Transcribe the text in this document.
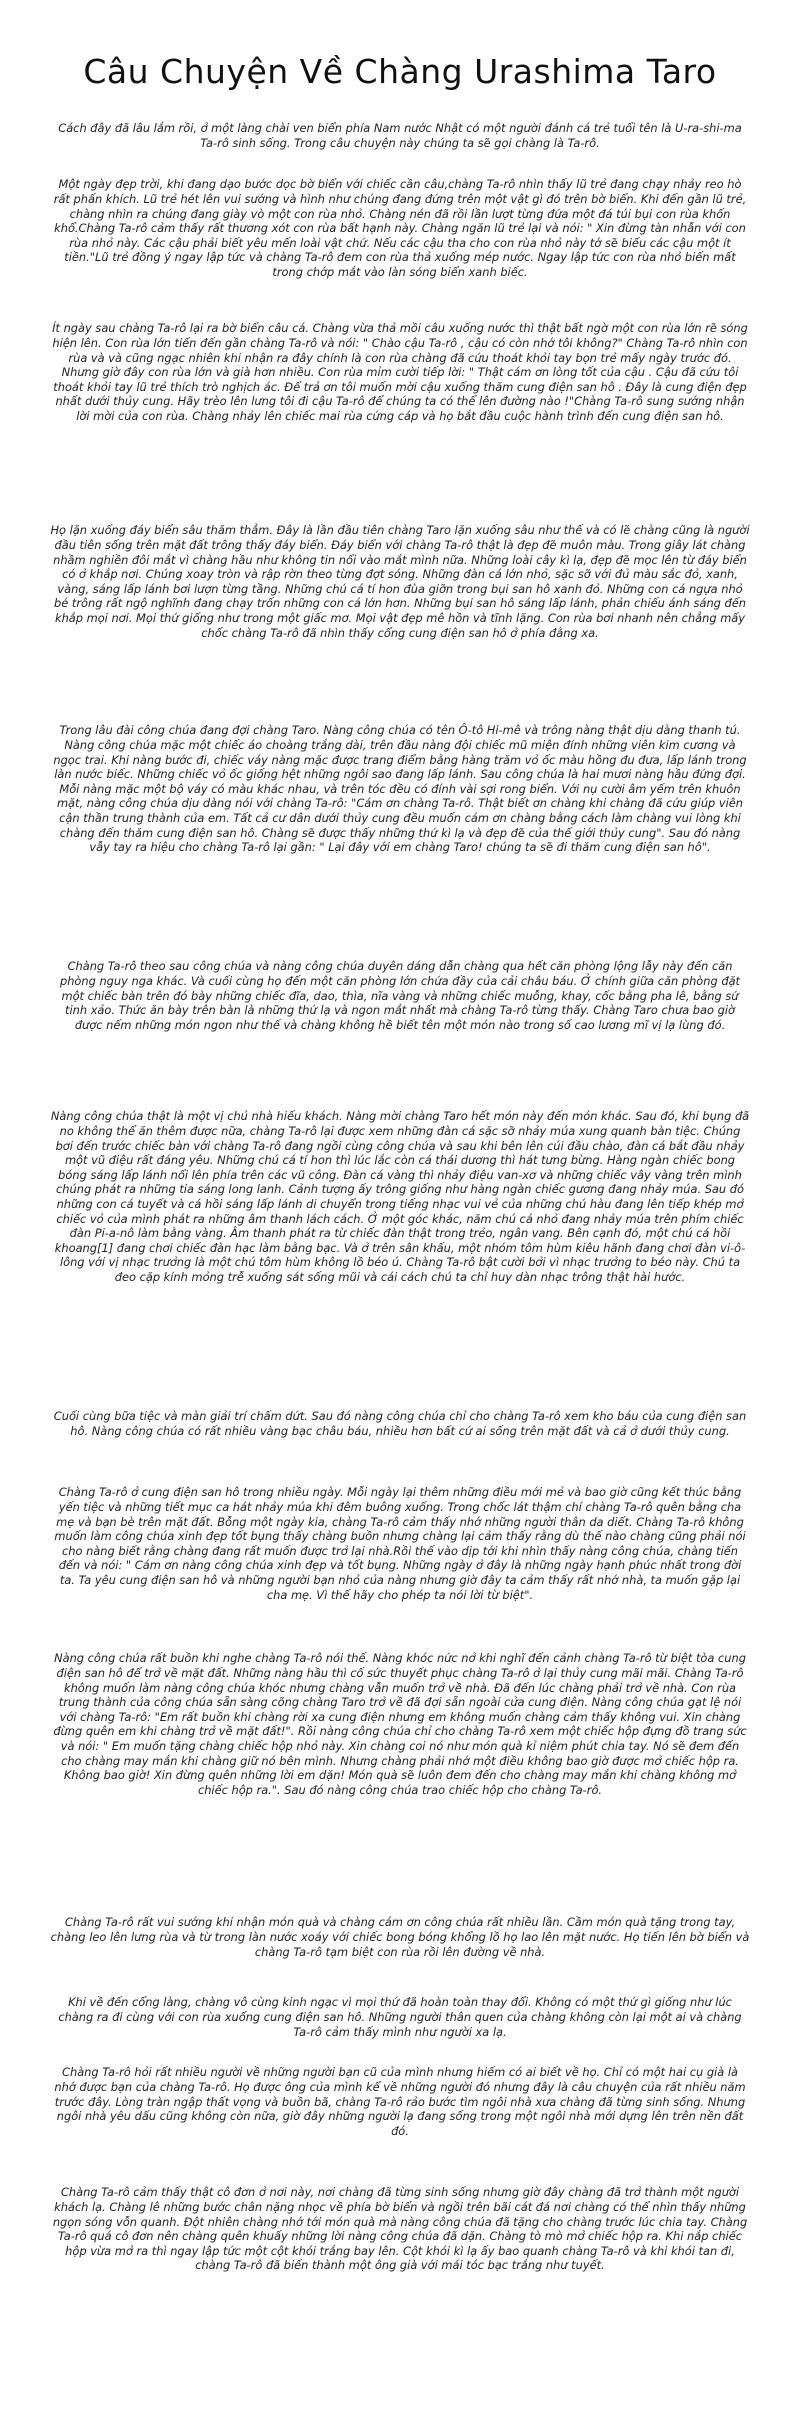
Câu Chuyện Về Chàng Urashima Taro

Cách đây đã lâu lắm rồi, ở một làng chài ven biển phía Nam nước Nhật có một người đánh cá trẻ tuổi tên là U-ra-shi-ma Ta-rô sinh sống. Trong câu chuyện này chúng ta sẽ gọi chàng là Ta-rô.

Một ngày đẹp trời, khi đang dạo bước dọc bờ biển với chiếc cần câu,chàng Ta-rô nhìn thấy lũ trẻ đang chạy nhảy reo hò rất phấn khích. Lũ trẻ hét lên vui sướng và hình như chúng đang đứng trên một vật gì đó trên bờ biển. Khi đến gần lũ trẻ, chàng nhìn ra chúng đang giày vò một con rùa nhỏ. Chàng nén đã rồi lần lượt từng đứa một đá túi bụi con rùa khốn khổ.Chàng Ta-rô cảm thấy rất thương xót con rùa bất hạnh này. Chàng ngăn lũ trẻ lại và nói: " Xin đừng tàn nhẫn với con rùa nhỏ này. Các cậu phải biết yêu mến loài vật chứ. Nếu các cậu tha cho con rùa nhỏ này tớ sẽ biếu các cậu một ít tiền."Lũ trẻ đồng ý ngay lập tức và chàng Ta-rô đem con rùa thả xuống mép nước. Ngay lập tức con rùa nhỏ biến mất trong chớp mắt vào làn sóng biển xanh biếc.

Ít ngày sau chàng Ta-rô lại ra bờ biển câu cá. Chàng vừa thả mồi câu xuống nước thì thật bất ngờ một con rùa lớn rẽ sóng hiện lên. Con rùa lớn tiến đến gần chàng Ta-rô và nói: " Chào cậu Ta-rô , cậu có còn nhớ tôi không?" Chàng Ta-rô nhìn con rùa và và cũng ngạc nhiên khi nhận ra đây chính là con rùa chàng đã cứu thoát khỏi tay bọn trẻ mấy ngày trước đó. Nhưng giờ đây con rùa lớn và già hơn nhiều. Con rùa mỉm cười tiếp lời: " Thật cám ơn lòng tốt của cậu . Cậu đã cứu tôi thoát khỏi tay lũ trẻ thích trò nghịch ác. Để trả ơn tôi muốn mời cậu xuống thăm cung điện san hô . Đây là cung điện đẹp nhất dưới thủy cung. Hãy trèo lên lưng tôi đi cậu Ta-rô để chúng ta có thể lên đường nào !"Chàng Ta-rô sung sướng nhận lời mời của con rùa. Chàng nhảy lên chiếc mai rùa cứng cáp và họ bắt đầu cuộc hành trình đến cung điện san hô.

Họ lặn xuống đáy biển sâu thăm thẳm. Đây là lần đầu tiên chàng Taro lặn xuống sâu như thế và có lẽ chàng cũng là người đầu tiên sống trên mặt đất trông thấy đáy biển. Đáy biển với chàng Ta-rô thật là đẹp đẽ muôn màu. Trong giây lát chàng nhầm nghiền đôi mắt vì chàng hầu như không tin nổi vào mắt mình nữa. Những loài cây kì lạ, đẹp đẽ mọc lên từ đáy biển có ở khắp nơi. Chúng xoay tròn và rập rờn theo từng đợt sóng. Những đàn cá lớn nhỏ, sặc sỡ với đủ màu sắc đỏ, xanh, vàng, sáng lấp lánh bơi lượn từng tầng. Những chú cá tí hon đùa giỡn trong bụi san hô xanh đỏ. Những con cá ngựa nhỏ bé trông rất ngộ nghĩnh đang chạy trốn những con cá lớn hơn. Những bụi san hô sáng lấp lánh, phản chiếu ánh sáng đến khắp mọi nơi. Mọi thứ giống như trong một giấc mơ. Mọi vật đẹp mê hồn và tĩnh lặng. Con rùa bơi nhanh nên chẳng mấy chốc chàng Ta-rô đã nhìn thấy cổng cung điện san hô ở phía đằng xa.

Trong lâu đài công chúa đang đợi chàng Taro. Nàng công chúa có tên Ô-tô Hi-mê và trông nàng thật dịu dàng thanh tú. Nàng công chúa mặc một chiếc áo choàng trắng dài, trên đầu nàng đội chiếc mũ miện đính những viên kim cương và ngọc trai. Khi nàng bước đi, chiếc váy nàng mặc được trang điểm bằng hàng trăm vỏ ốc màu hồng đu đưa, lấp lánh trong làn nước biếc. Những chiếc vỏ ốc giống hệt những ngôi sao đang lấp lánh. Sau công chúa là hai mươi nàng hầu đứng đợi. Mỗi nàng mặc một bộ váy có màu khác nhau, và trên tóc đều có đính vài sợi rong biển. Với nụ cười âm yếm trên khuôn mặt, nàng công chúa dịu dàng nói với chàng Ta-rô: "Cám ơn chàng Ta-rô. Thật biết ơn chàng khi chàng đã cứu giúp viên cận thần trung thành của em. Tất cả cư dân dưới thủy cung đều muốn cám ơn chàng bằng cách làm chàng vui lòng khi chàng đến thăm cung điện san hô. Chàng sẽ được thấy những thứ kì lạ và đẹp đẽ của thế giới thủy cung". Sau đó nàng vẫy tay ra hiệu cho chàng Ta-rô lại gần: " Lại đây với em chàng Taro! chúng ta sẽ đi thăm cung điện san hô".

Chàng Ta-rô theo sau công chúa và nàng công chúa duyên dáng dẫn chàng qua hết căn phòng lộng lẫy này đến căn phòng nguy nga khác. Và cuối cùng họ đến một căn phòng lớn chứa đầy của cải châu báu. Ở chính giữa căn phòng đặt một chiếc bàn trên đó bày những chiếc đĩa, dao, thìa, nĩa vàng và những chiếc muỗng, khay, cốc bằng pha lê, bằng sứ tinh xảo. Thức ăn bày trên bàn là những thứ lạ và ngon mắt nhất mà chàng Ta-rô từng thấy. Chàng Taro chưa bao giờ được nếm những món ngon như thế và chàng không hề biết tên một món nào trong số cao lương mĩ vị lạ lùng đó.

Nàng công chúa thật là một vị chủ nhà hiếu khách. Nàng mời chàng Taro hết món này đến món khác. Sau đó, khi bụng đã no không thể ăn thêm được nữa, chàng Ta-rô lại được xem những đàn cá sặc sỡ nhảy múa xung quanh bàn tiệc. Chúng bơi đến trước chiếc bàn với chàng Ta-rô đang ngồi cùng công chúa và sau khi bên lên cúi đầu chào, đàn cá bắt đầu nhảy một vũ điệu rất đáng yêu. Những chú cá tí hon thì lúc lắc còn cá thái dương thì hát tưng bừng. Hàng ngàn chiếc bong bóng sáng lấp lánh nổi lên phía trên các vũ công. Đàn cá vàng thì nhảy điệu van-xơ và những chiếc vây vàng trên mình chúng phát ra những tia sáng long lanh. Cảnh tượng ấy trông giống như hàng ngàn chiếc gương đang nhảy múa. Sau đó những con cá tuyết và cá hồi sáng lấp lánh di chuyển trong tiếng nhạc vui vẻ của những chú hàu đang lên tiếp khép mở chiếc vỏ của mình phát ra những âm thanh lách cách. Ở một góc khác, năm chú cá nhỏ đang nhảy múa trên phím chiếc đàn Pi-a-nô làm bằng vàng. Âm thanh phát ra từ chiếc đàn thật trong trẻo, ngân vang. Bên cạnh đó, một chú cá hồi khoang[1] đang chơi chiếc đàn hạc làm bằng bạc. Và ở trên sân khấu, một nhóm tôm hùm kiêu hãnh đang chơi đàn vi-ô-lông với vị nhạc trưởng là một chú tôm hùm không lồ béo ú. Chàng Ta-rô bật cười bởi vì nhạc trưởng to béo này. Chú ta đeo cặp kính mỏng trễ xuống sát sống mũi và cái cách chú ta chỉ huy dàn nhạc trông thật hài hước.

Cuối cùng bữa tiệc và màn giải trí chấm dứt. Sau đó nàng công chúa chỉ cho chàng Ta-rô xem kho báu của cung điện san hô. Nàng công chúa có rất nhiều vàng bạc châu báu, nhiều hơn bất cứ ai sống trên mặt đất và cả ở dưới thủy cung.

Chàng Ta-rô ở cung điện san hô trong nhiều ngày. Mỗi ngày lại thêm những điều mới mẻ và bao giờ cũng kết thúc bằng yến tiệc và những tiết mục ca hát nhảy múa khi đêm buông xuống. Trong chốc lát thậm chí chàng Ta-rô quên bằng cha mẹ và bạn bè trên mặt đất. Bỗng một ngày kia, chàng Ta-rô cảm thấy nhớ những người thân da diết. Chàng Ta-rô không muốn làm công chúa xinh đẹp tốt bụng thấy chàng buồn nhưng chàng lại cảm thấy rằng dù thế nào chàng cũng phải nói cho nàng biết rằng chàng đang rất muốn được trở lại nhà.Rồi thế vào dịp tới khi nhìn thấy nàng công chúa, chàng tiến đến và nói: " Cám ơn nàng công chúa xinh đẹp và tốt bụng. Những ngày ở đây là những ngày hạnh phúc nhất trong đời ta. Ta yêu cung điện san hô và những người bạn nhỏ của nàng nhưng giờ đây ta cảm thấy rất nhớ nhà, ta muốn gặp lại cha mẹ. Vì thế hãy cho phép ta nói lời từ biệt".

Nàng công chúa rất buồn khi nghe chàng Ta-rô nói thế. Nàng khóc nức nở khi nghĩ đến cảnh chàng Ta-rô từ biệt tòa cung điện san hô để trở về mặt đất. Những nàng hầu thì cố sức thuyết phục chàng Ta-rô ở lại thủy cung mãi mãi. Chàng Ta-rô không muốn làm nàng công chúa khóc nhưng chàng vẫn muốn trở về nhà. Đã đến lúc chàng phải trở về nhà. Con rùa trung thành của công chúa sẵn sàng cõng chàng Taro trở về đã đợi sẵn ngoài cửa cung điện. Nàng công chúa gạt lệ nói với chàng Ta-rô: "Em rất buồn khi chàng rời xa cung điện nhưng em không muốn chàng cảm thấy không vui. Xin chàng đừng quên em khi chàng trở về mặt đất!". Rồi nàng công chúa chỉ cho chàng Ta-rô xem một chiếc hộp đựng đồ trang sức và nói: " Em muốn tặng chàng chiếc hộp nhỏ này. Xin chàng coi nó như món quà kỉ niệm phút chia tay. Nó sẽ đem đến cho chàng may mắn khi chàng giữ nó bên mình. Nhưng chàng phải nhớ một điều không bao giờ được mở chiếc hộp ra. Không bao giờ! Xin đừng quên những lời em dặn! Món quà sẽ luôn đem đến cho chàng may mắn khi chàng không mở chiếc hộp ra.". Sau đó nàng công chúa trao chiếc hộp cho chàng Ta-rô.

Chàng Ta-rô rất vui sướng khi nhận món quà và chàng cám ơn công chúa rất nhiều lần. Cầm món quà tặng trong tay, chàng leo lên lưng rùa và từ trong làn nước xoáy với chiếc bong bóng khổng lồ họ lao lên mặt nước. Họ tiến lên bờ biển và chàng Ta-rô tạm biệt con rùa rồi lên đường về nhà.

Khi về đến cổng làng, chàng vô cùng kinh ngạc vì mọi thứ đã hoàn toàn thay đổi. Không có một thứ gì giống như lúc chàng ra đi cùng với con rùa xuống cung điện san hô. Những người thân quen của chàng không còn lại một ai và chàng Ta-rô cảm thấy mình như người xa lạ.

Chàng Ta-rô hỏi rất nhiều người về những người bạn cũ của mình nhưng hiếm có ai biết về họ. Chỉ có một hai cụ già là nhớ được bạn của chàng Ta-rô. Họ được ông của mình kể về những người đó nhưng đây là câu chuyện của rất nhiều năm trước đây. Lòng tràn ngập thất vọng và buồn bã, chàng Ta-rô rảo bước tìm ngôi nhà xưa chàng đã từng sinh sống. Nhưng ngôi nhà yêu dấu cũng không còn nữa, giờ đây những người lạ đang sống trong một ngôi nhà mới dựng lên trên nền đất đó.

Chàng Ta-rô cảm thấy thật cô đơn ở nơi này, nơi chàng đã từng sinh sống nhưng giờ đây chàng đã trở thành một người khách lạ. Chàng lê những bước chân nặng nhọc về phía bờ biển và ngồi trên bãi cát đá nơi chàng có thể nhìn thấy những ngọn sóng vỗn quanh. Đột nhiên chàng nhớ tới món quà mà nàng công chúa đã tặng cho chàng trước lúc chia tay. Chàng Ta-rô quá cô đơn nên chàng quên khuấy những lời nàng công chúa đã dặn. Chàng tò mò mở chiếc hộp ra. Khi nắp chiếc hộp vừa mở ra thì ngay lập tức một cột khói trắng bay lên. Cột khói kì lạ ấy bao quanh chàng Ta-rô và khi khói tan đi, chàng Ta-rô đã biến thành một ông già với mái tóc bạc trắng như tuyết.
